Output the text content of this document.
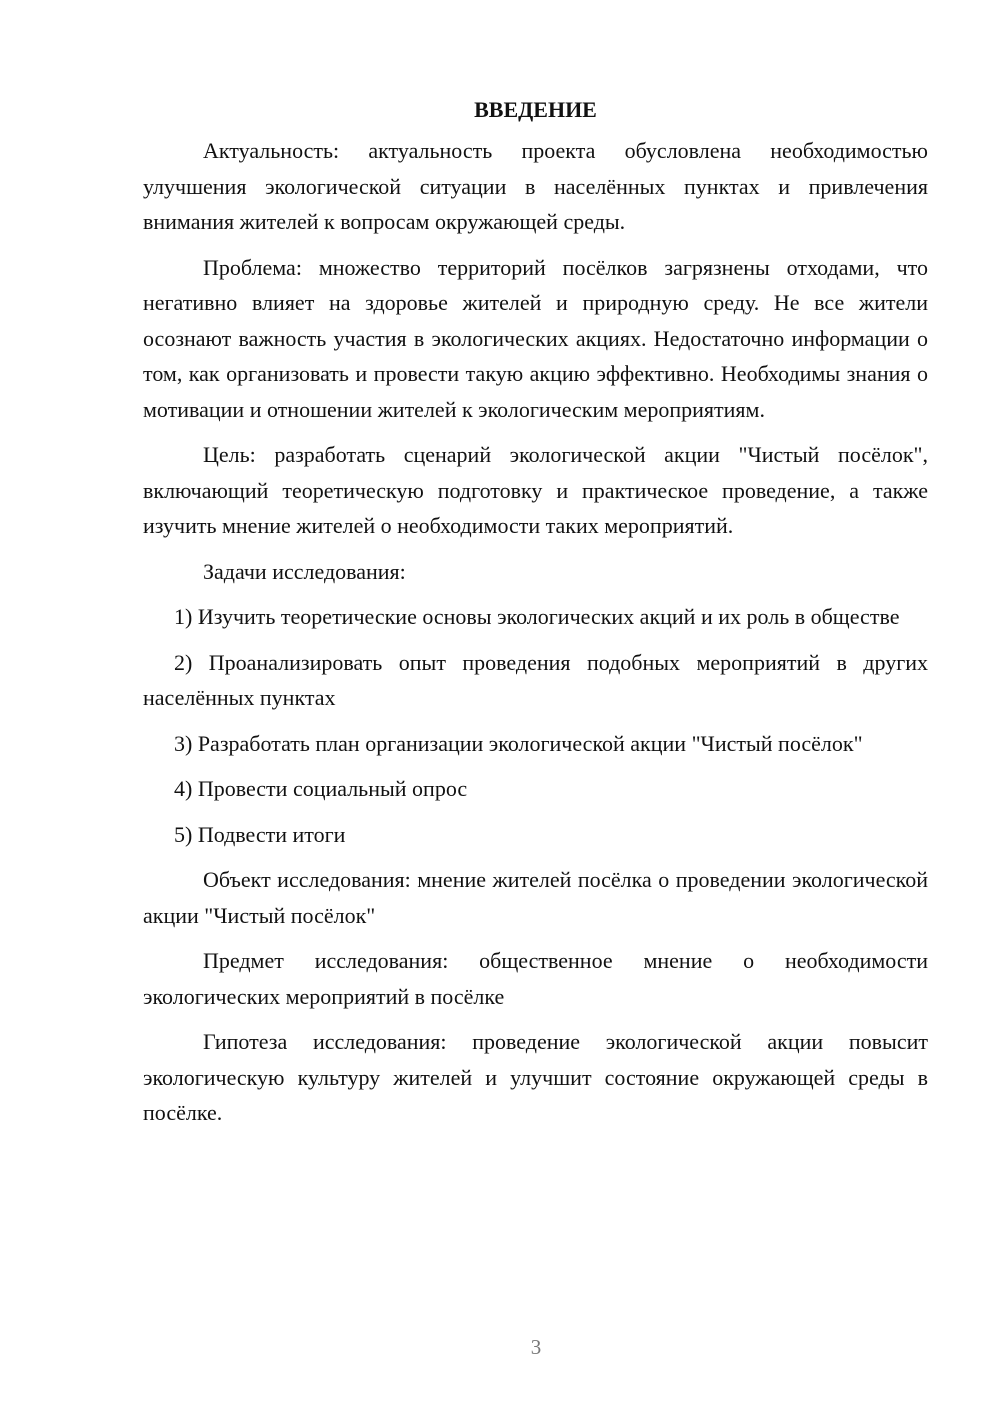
ВВЕДЕНИЕ

Актуальность: актуальность проекта обусловлена необходимостью улучшения экологической ситуации в населённых пунктах и привлечения внимания жителей к вопросам окружающей среды.

Проблема: множество территорий посёлков загрязнены отходами, что негативно влияет на здоровье жителей и природную среду. Не все жители осознают важность участия в экологических акциях. Недостаточно информации о том, как организовать и провести такую акцию эффективно. Необходимы знания о мотивации и отношении жителей к экологическим мероприятиям.

Цель: разработать сценарий экологической акции "Чистый посёлок", включающий теоретическую подготовку и практическое проведение, а также изучить мнение жителей о необходимости таких мероприятий.

Задачи исследования:

1) Изучить теоретические основы экологических акций и их роль в обществе

2) Проанализировать опыт проведения подобных мероприятий в других населённых пунктах

3) Разработать план организации экологической акции "Чистый посёлок"

4) Провести социальный опрос

5) Подвести итоги

Объект исследования: мнение жителей посёлка о проведении экологической акции "Чистый посёлок"

Предмет исследования: общественное мнение о необходимости экологических мероприятий в посёлке

Гипотеза исследования: проведение экологической акции повысит экологическую культуру жителей и улучшит состояние окружающей среды в посёлке.

3
